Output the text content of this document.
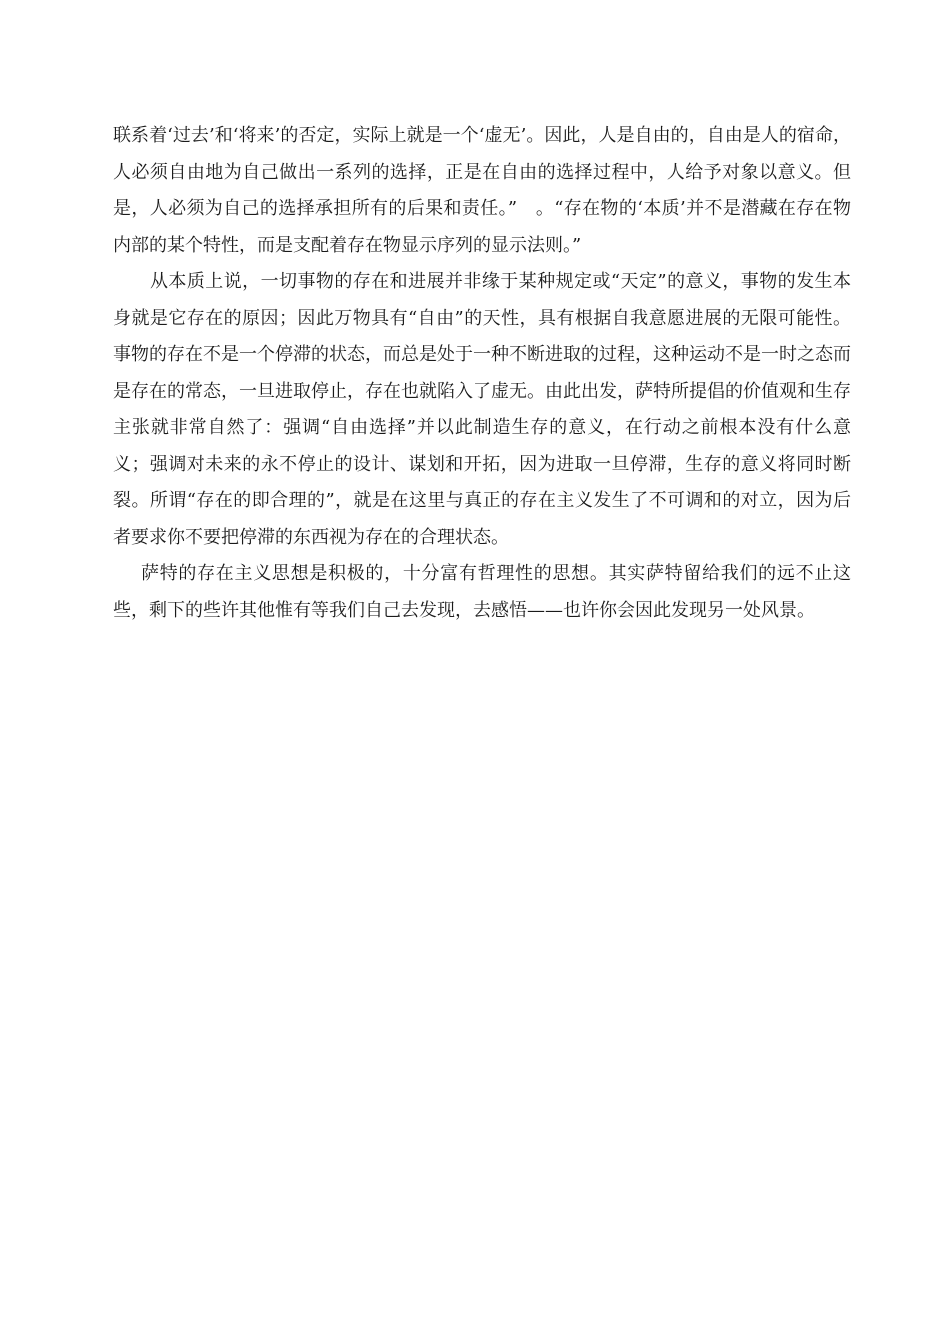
联系着‘过去’和‘将来’的否定，实际上就是一个‘虚无’。因此，人是自由的，自由是人的宿命，人必须自由地为自己做出一系列的选择，正是在自由的选择过程中，人给予对象以意义。但是，人必须为自己的选择承担所有的后果和责任。”　。“存在物的‘本质’并不是潜藏在存在物内部的某个特性，而是支配着存在物显示序列的显示法则。”

从本质上说，一切事物的存在和进展并非缘于某种规定或“天定”的意义，事物的发生本身就是它存在的原因；因此万物具有“自由”的天性，具有根据自我意愿进展的无限可能性。事物的存在不是一个停滞的状态，而总是处于一种不断进取的过程，这种运动不是一时之态而是存在的常态，一旦进取停止，存在也就陷入了虚无。由此出发，萨特所提倡的价值观和生存主张就非常自然了：强调“自由选择”并以此制造生存的意义，在行动之前根本没有什么意义；强调对未来的永不停止的设计、谋划和开拓，因为进取一旦停滞，生存的意义将同时断裂。所谓“存在的即合理的”，就是在这里与真正的存在主义发生了不可调和的对立，因为后者要求你不要把停滞的东西视为存在的合理状态。

萨特的存在主义思想是积极的，十分富有哲理性的思想。其实萨特留给我们的远不止这些，剩下的些许其他惟有等我们自己去发现，去感悟——也许你会因此发现另一处风景。
